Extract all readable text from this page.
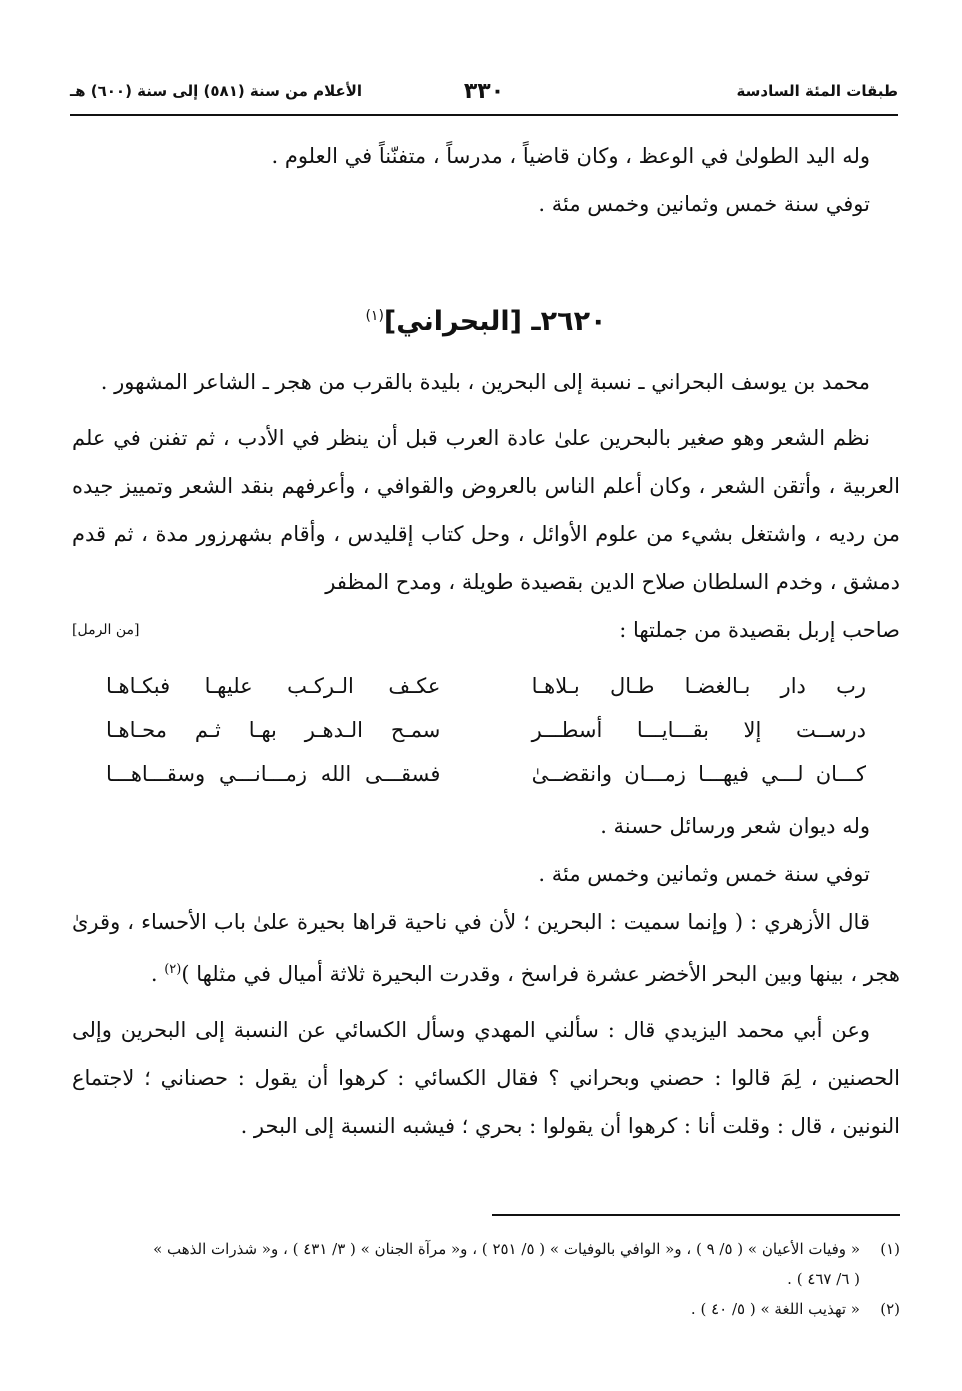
طبقات المئة السادسة
٣٣٠
الأعلام من سنة (٥٨١) إلى سنة (٦٠٠) هـ

وله اليد الطولىٰ في الوعظ ، وكان قاضياً ، مدرساً ، متفنّناً في العلوم .

توفي سنة خمس وثمانين وخمس مئة .

٢٦٢٠ـ [البحراني]$^{(١)}$

محمد بن يوسف البحراني ـ نسبة إلى البحرين ، بليدة بالقرب من هجر ـ الشاعر المشهور .

نظم الشعر وهو صغير بالبحرين علىٰ عادة العرب قبل أن ينظر في الأدب ، ثم تفنن في علم العربية ، وأتقن الشعر ، وكان أعلم الناس بالعروض والقوافي ، وأعرفهم بنقد الشعر وتمييز جيده من رديه ، واشتغل بشيء من علوم الأوائل ، وحل كتاب إقليدس ، وأقام بشهرزور مدة ، ثم قدم دمشق ، وخدم السلطان صلاح الدين بقصيدة طويلة ، ومدح المظفر

صاحب إربل بقصيدة من جملتها :
[من الرمل]

رب دار بـالغضـا طـال بـلاهـا
عكـف الـركـب عليهـا فبكـاهـا
درســت إلا بقـــايـــا أسطـــر
سمـح الـدهـر بهـا ثـم محـاهـا
كـــان لـــي فيهـــا زمـــان وانقضــىٰ
فسقـــى الله زمـــانـــي وسقـــاهـــا

وله ديوان شعر ورسائل حسنة .

توفي سنة خمس وثمانين وخمس مئة .

قال الأزهري : ( وإنما سميت : البحرين ؛ لأن في ناحية قراها بحيرة علىٰ باب الأحساء ، وقرىٰ هجر ، بينها وبين البحر الأخضر عشرة فراسخ ، وقدرت البحيرة ثلاثة أميال في مثلها )$^{(٢)}$ .

وعن أبي محمد اليزيدي قال : سألني المهدي وسأل الكسائي عن النسبة إلى البحرين وإلى الحصنين ، لِمَ قالوا : حصني وبحراني ؟ فقال الكسائي : كرهوا أن يقول : حصناني ؛ لاجتماع النونين ، قال : وقلت أنا : كرهوا أن يقولوا : بحري ؛ فيشبه النسبة إلى البحر .

(١)« وفيات الأعيان » ( ٥/ ٩ ) ، و« الوافي بالوفيات » ( ٥/ ٢٥١ ) ، و« مرآة الجنان » ( ٣/ ٤٣١ ) ، و« شذرات الذهب »

( ٦/ ٤٦٧ ) .

(٢)« تهذيب اللغة » ( ٥/ ٤٠ ) .
